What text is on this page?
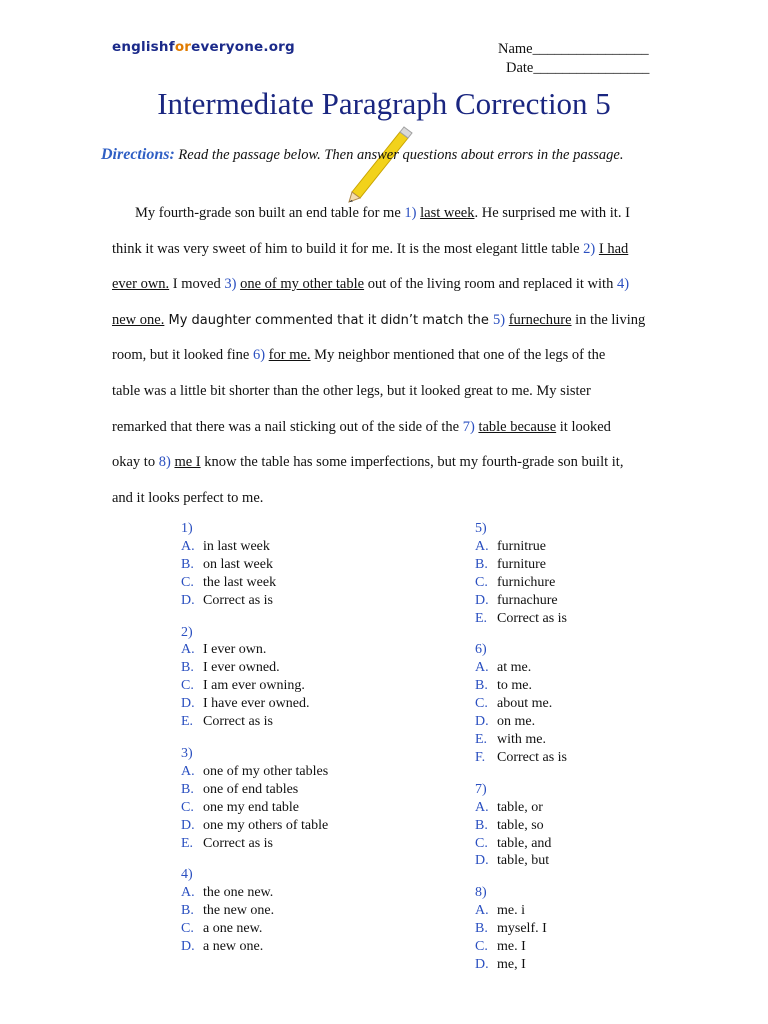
englishforeveryone.org	Name________________
Date________________
Intermediate Paragraph Correction 5
Directions: Read the passage below. Then answer questions about errors in the passage.
My fourth-grade son built an end table for me 1) last week. He surprised me with it. I
think it was very sweet of him to build it for me. It is the most elegant little table 2) I had
ever own. I moved 3) one of my other table out of the living room and replaced it with 4)
new one. My daughter commented that it didn’t match the 5) furnechure in the living
room, but it looked fine 6) for me. My neighbor mentioned that one of the legs of the
table was a little bit shorter than the other legs, but it looked great to me. My sister
remarked that there was a nail sticking out of the side of the 7) table because it looked
okay to 8) me I know the table has some imperfections, but my fourth-grade son built it,
and it looks perfect to me.
1)
A. in last week
B. on last week
C. the last week
D. Correct as is
2)
A. I ever own.
B. I ever owned.
C. I am ever owning.
D. I have ever owned.
E. Correct as is
3)
A. one of my other tables
B. one of end tables
C. one my end table
D. one my others of table
E. Correct as is
4)
A. the one new.
B. the new one.
C. a one new.
D. a new one.
5)
A. furnitrue
B. furniture
C. furnichure
D. furnachure
E. Correct as is
6)
A. at me.
B. to me.
C. about me.
D. on me.
E. with me.
F. Correct as is
7)
A. table, or
B. table, so
C. table, and
D. table, but
8)
A. me. i
B. myself. I
C. me. I
D. me, I
